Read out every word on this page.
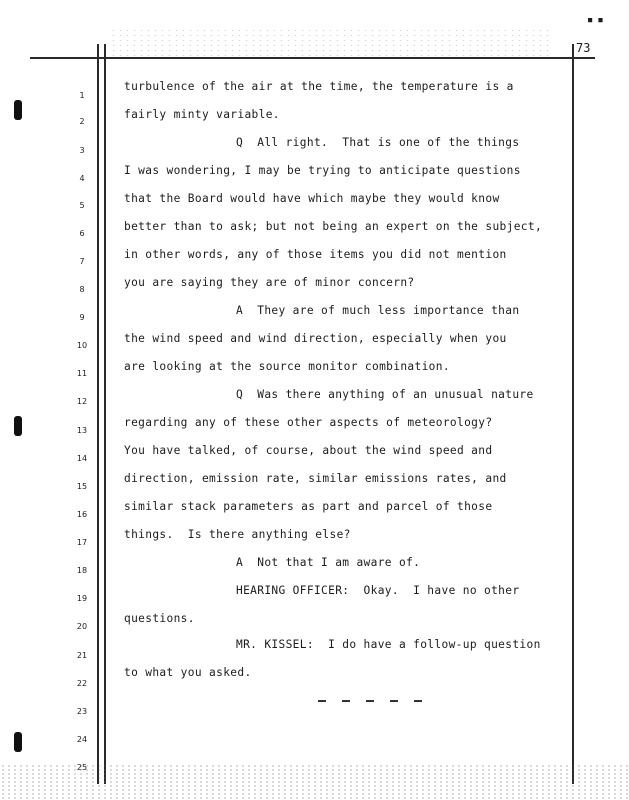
■ ■
73
1
2
3
4
5
6
7
8
9
10
11
12
13
14
15
16
17
18
19
20
21
22
23
24
25
turbulence of the air at the time, the temperature is a
fairly minty variable.
Q  All right.  That is one of the things
I was wondering, I may be trying to anticipate questions
that the Board would have which maybe they would know
better than to ask; but not being an expert on the subject,
in other words, any of those items you did not mention
you are saying they are of minor concern?
A  They are of much less importance than
the wind speed and wind direction, especially when you
are looking at the source monitor combination.
Q  Was there anything of an unusual nature
regarding any of these other aspects of meteorology?
You have talked, of course, about the wind speed and
direction, emission rate, similar emissions rates, and
similar stack parameters as part and parcel of those
things.  Is there anything else?
A  Not that I am aware of.
HEARING OFFICER:  Okay.  I have no other
questions.
MR. KISSEL:  I do have a follow-up question
to what you asked.
